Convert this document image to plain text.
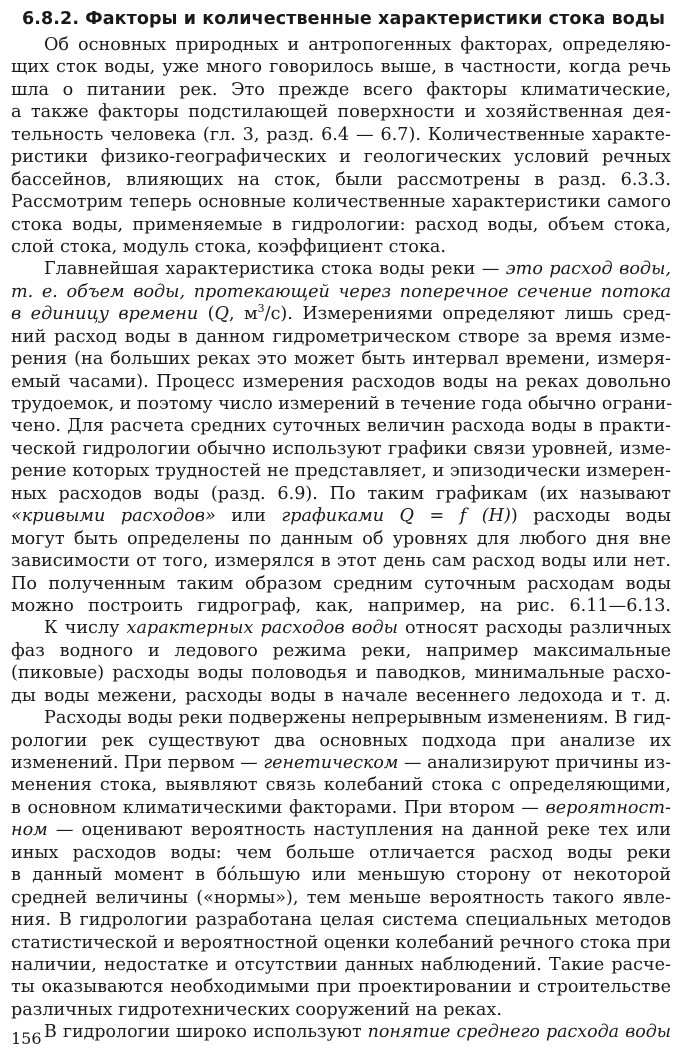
6.8.2. Факторы и количественные характеристики стока воды
Об основных природных и антропогенных факторах, определяю-
щих сток воды, уже много говорилось выше, в частности, когда речь
шла о питании рек. Это прежде всего факторы климатические,
а также факторы подстилающей поверхности и хозяйственная дея-
тельность человека (гл. 3, разд. 6.4 — 6.7). Количественные характе-
ристики физико-географических и геологических условий речных
бассейнов, влияющих на сток, были рассмотрены в разд. 6.3.3.
Рассмотрим теперь основные количественные характеристики самого
стока воды, применяемые в гидрологии: расход воды, объем стока,
слой стока, модуль стока, коэффициент стока.
Главнейшая характеристика стока воды реки — это расход воды,
т. е. объем воды, протекающей через поперечное сечение потока
в единицу времени (Q, $м^3/с$). Измерениями определяют лишь сред-
ний расход воды в данном гидрометрическом створе за время изме-
рения (на больших реках это может быть интервал времени, измеря-
емый часами). Процесс измерения расходов воды на реках довольно
трудоемок, и поэтому число измерений в течение года обычно ограни-
чено. Для расчета средних суточных величин расхода воды в практи-
ческой гидрологии обычно используют графики связи уровней, изме-
рение которых трудностей не представляет, и эпизодически измерен-
ных расходов воды (разд. 6.9). По таким графикам (их называют
«кривыми расходов» или графиками Q = f (H)) расходы воды
могут быть определены по данным об уровнях для любого дня вне
зависимости от того, измерялся в этот день сам расход воды или нет.
По полученным таким образом средним суточным расходам воды
можно построить гидрограф, как, например, на рис. 6.11—6.13.
К числу характерных расходов воды относят расходы различных
фаз водного и ледового режима реки, например максимальные
(пиковые) расходы воды половодья и паводков, минимальные расхо-
ды воды межени, расходы воды в начале весеннего ледохода и т. д.
Расходы воды реки подвержены непрерывным изменениям. В гид-
рологии рек существуют два основных подхода при анализе их
изменений. При первом — генетическом — анализируют причины из-
менения стока, выявляют связь колебаний стока с определяющими,
в основном климатическими факторами. При втором — вероятност-
ном — оценивают вероятность наступления на данной реке тех или
иных расходов воды: чем больше отличается расход воды реки
в данный момент в бóльшую или меньшую сторону от некоторой
средней величины («нормы»), тем меньше вероятность такого явле-
ния. В гидрологии разработана целая система специальных методов
статистической и вероятностной оценки колебаний речного стока при
наличии, недостатке и отсутствии данных наблюдений. Такие расче-
ты оказываются необходимыми при проектировании и строительстве
различных гидротехнических сооружений на реках.
В гидрологии широко используют понятие среднего расхода воды
156
